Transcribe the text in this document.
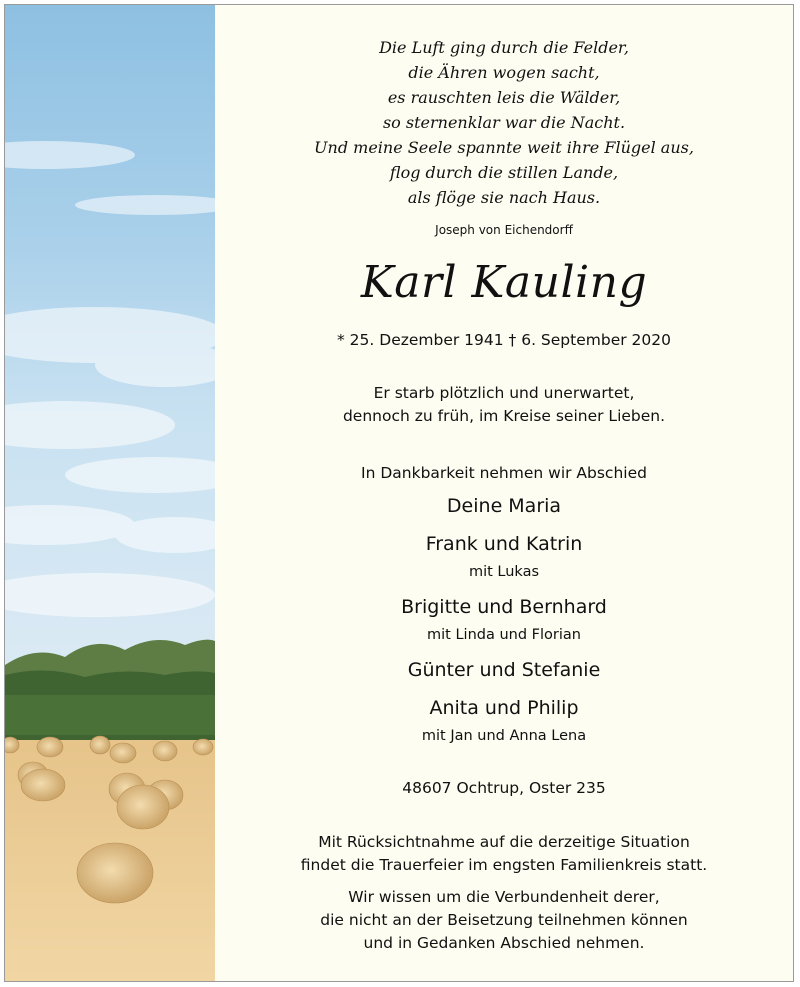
Die Luft ging durch die Felder,
die Ähren wogen sacht,
es rauschten leis die Wälder,
so sternenklar war die Nacht.
Und meine Seele spannte weit ihre Flügel aus,
flog durch die stillen Lande,
als flöge sie nach Haus.
Joseph von Eichendorff
Karl Kauling
* 25. Dezember 1941 † 6. September 2020
Er starb plötzlich und unerwartet,
dennoch zu früh, im Kreise seiner Lieben.
In Dankbarkeit nehmen wir Abschied
Deine Maria
Frank und Katrin
mit Lukas
Brigitte und Bernhard
mit Linda und Florian
Günter und Stefanie
Anita und Philip
mit Jan und Anna Lena
48607 Ochtrup, Oster 235
Mit Rücksichtnahme auf die derzeitige Situation
findet die Trauerfeier im engsten Familienkreis statt.
Wir wissen um die Verbundenheit derer,
die nicht an der Beisetzung teilnehmen können
und in Gedanken Abschied nehmen.
